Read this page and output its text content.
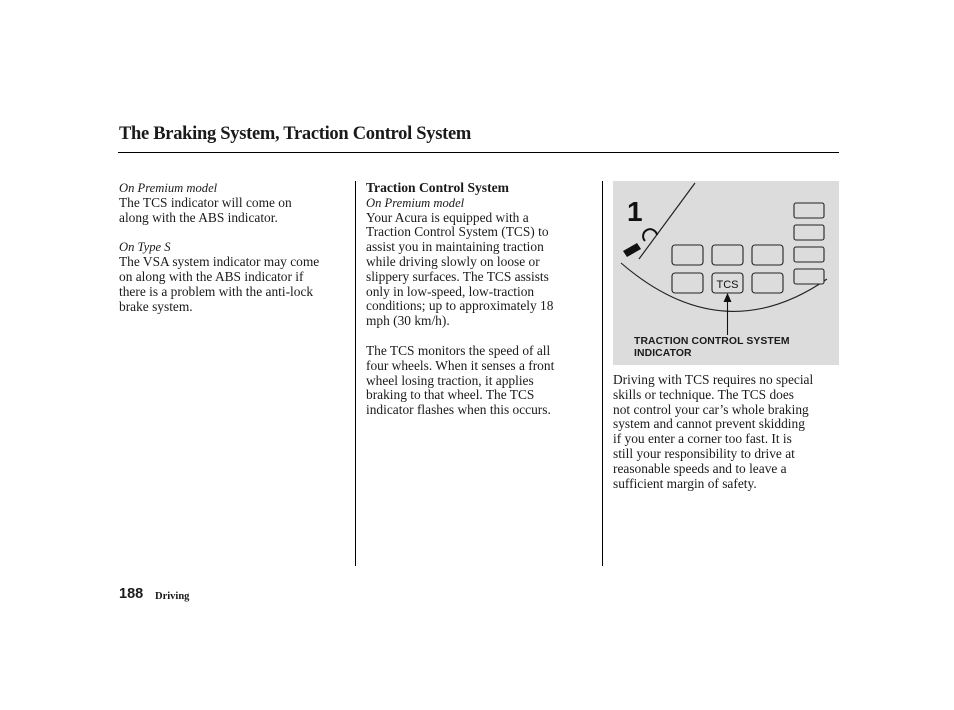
The Braking System, Traction Control System

On Premium model

The TCS indicator will come on

along with the ABS indicator.

On Type S

The VSA system indicator may come

on along with the ABS indicator if

there is a problem with the anti-lock

brake system.

Traction Control System

On Premium model

Your Acura is equipped with a

Traction Control System (TCS) to

assist you in maintaining traction

while driving slowly on loose or

slippery surfaces. The TCS assists

only in low-speed, low-traction

conditions; up to approximately 18

mph (30 km/h).

The TCS monitors the speed of all

four wheels. When it senses a front

wheel losing traction, it applies

braking to that wheel. The TCS

indicator flashes when this occurs.

1
TCS
TRACTION CONTROL SYSTEM
INDICATOR

Driving with TCS requires no special

skills or technique. The TCS does

not control your car’s whole braking

system and cannot prevent skidding

if you enter a corner too fast. It is

still your responsibility to drive at

reasonable speeds and to leave a

sufficient margin of safety.

188 Driving
